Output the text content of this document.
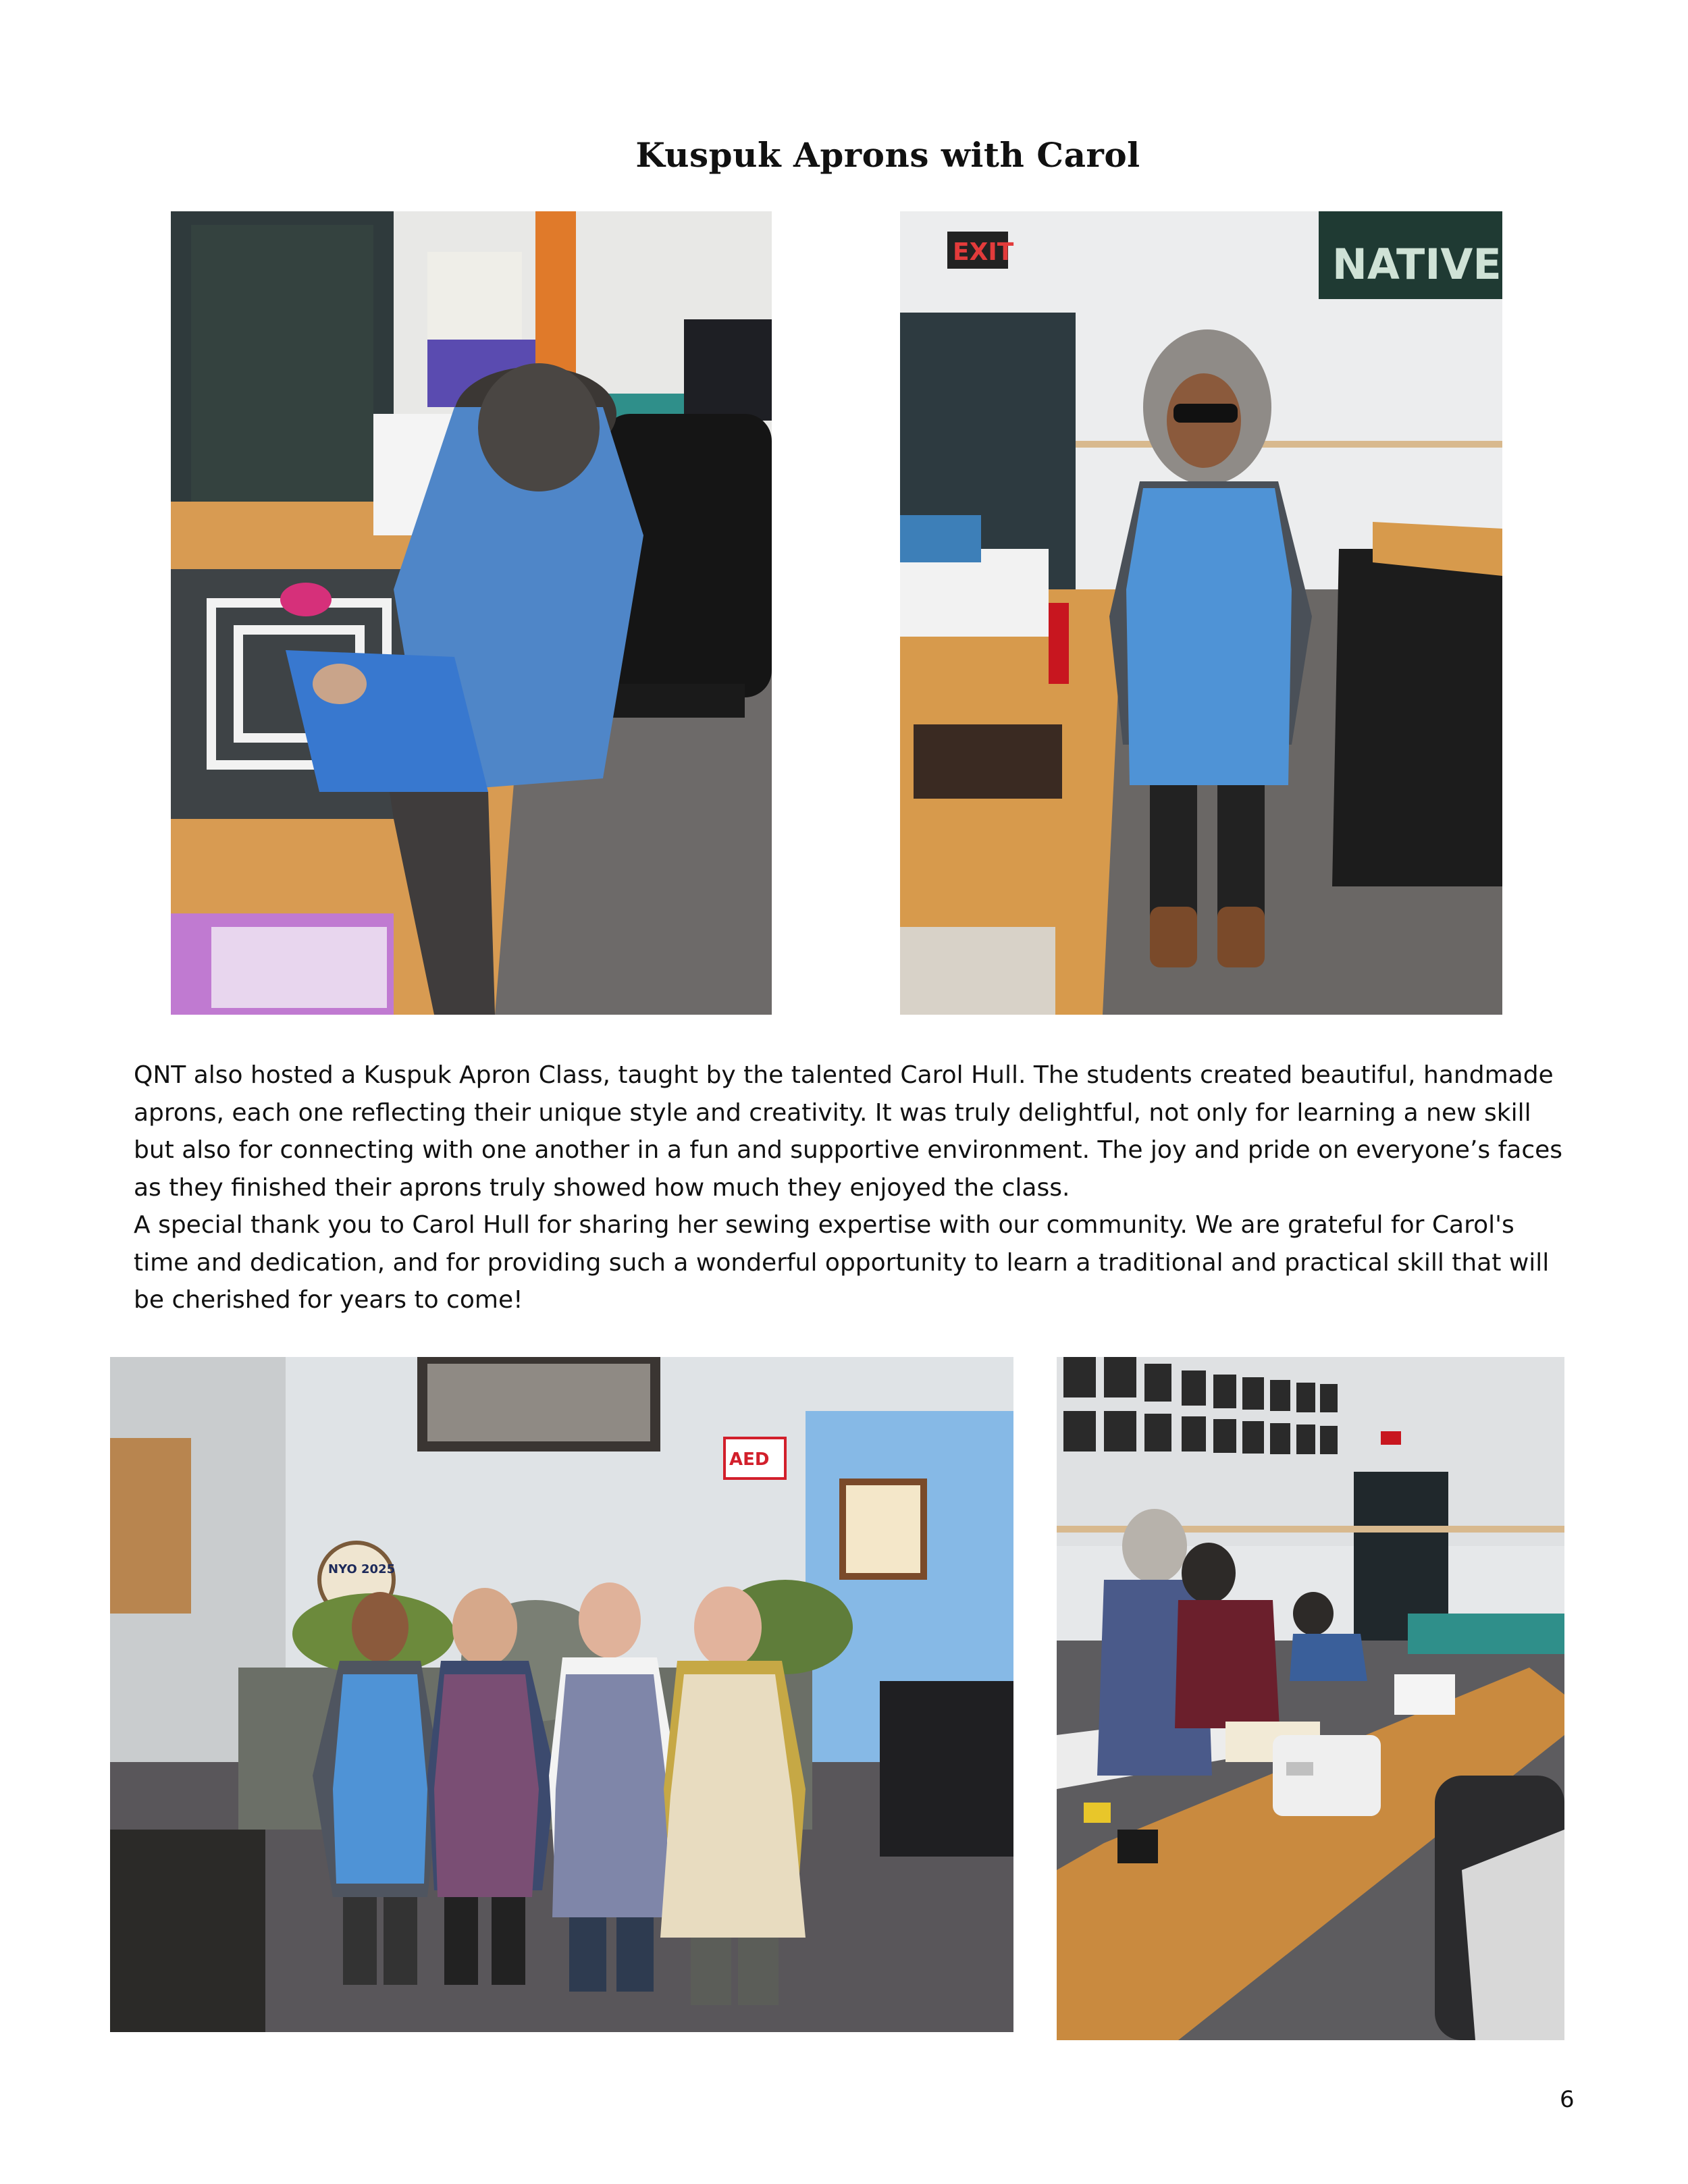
Kuspuk Aprons with Carol
NATIVE
EXIT

QNT also hosted a Kuspuk Apron Class, taught by the talented Carol Hull. The students created beautiful, handmade aprons, each one reflecting their unique style and creativity. It was truly delightful, not only for learning a new skill but also for connecting with one another in a fun and supportive environment. The joy and pride on everyone’s faces as they finished their aprons truly showed how much they enjoyed the class.

A special thank you to Carol Hull for sharing her sewing expertise with our community. We are grateful for Carol's time and dedication, and for providing such a wonderful opportunity to learn a traditional and practical skill that will be cherished for years to come!

AED
NYO 2025
6
